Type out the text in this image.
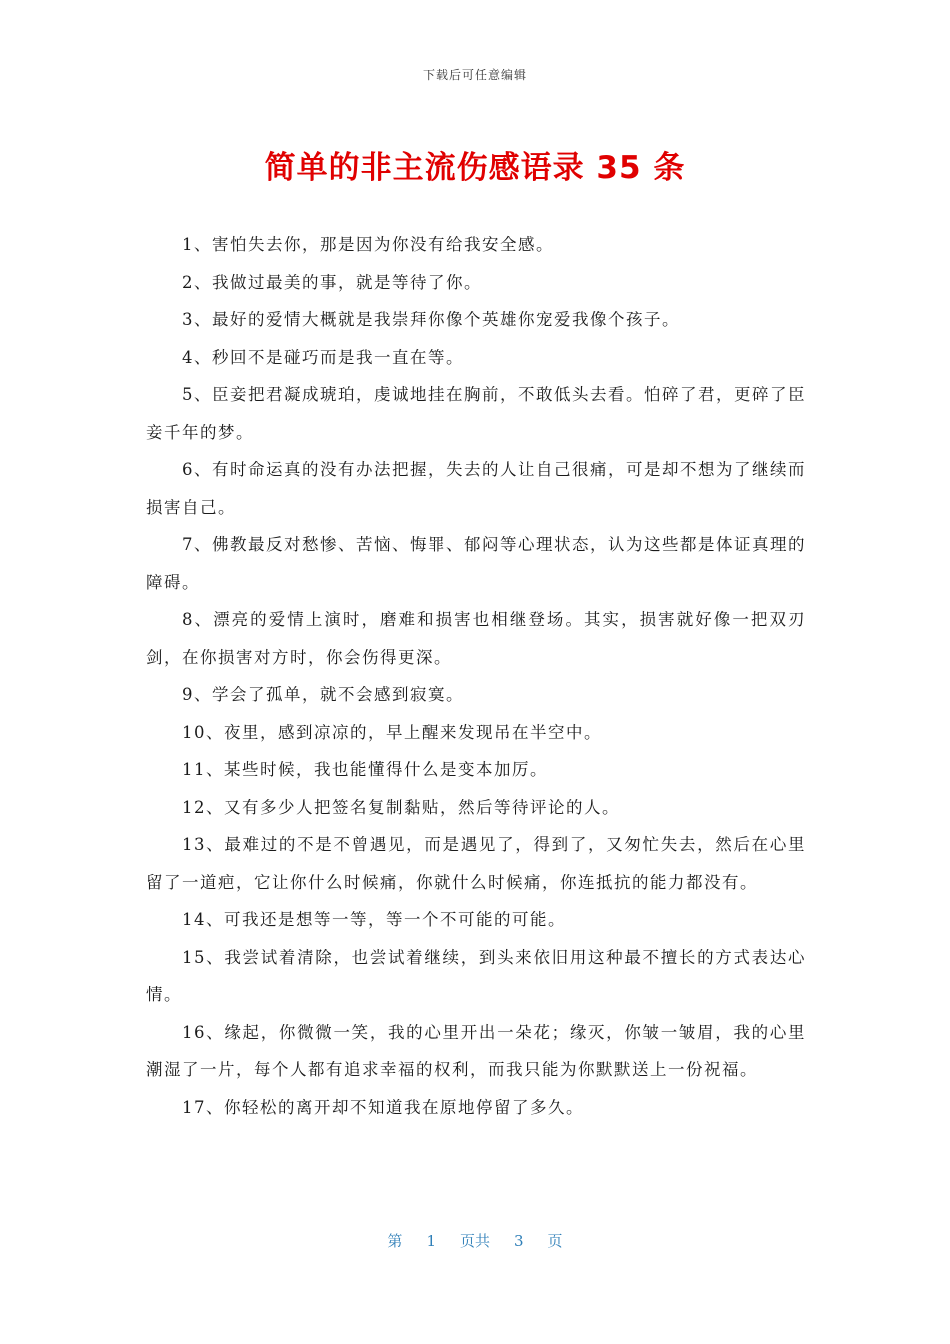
下载后可任意编辑
简单的非主流伤感语录 35 条

1、害怕失去你，那是因为你没有给我安全感。

2、我做过最美的事，就是等待了你。

3、最好的爱情大概就是我崇拜你像个英雄你宠爱我像个孩子。

4、秒回不是碰巧而是我一直在等。

5、臣妾把君凝成琥珀，虔诚地挂在胸前，不敢低头去看。怕碎了君，更碎了臣妾千年的梦。

6、有时命运真的没有办法把握，失去的人让自己很痛，可是却不想为了继续而损害自己。

7、佛教最反对愁惨、苦恼、悔罪、郁闷等心理状态，认为这些都是体证真理的障碍。

8、漂亮的爱情上演时，磨难和损害也相继登场。其实，损害就好像一把双刃剑，在你损害对方时，你会伤得更深。

9、学会了孤单，就不会感到寂寞。

10、夜里，感到凉凉的，早上醒来发现吊在半空中。

11、某些时候，我也能懂得什么是变本加厉。

12、又有多少人把签名复制黏贴，然后等待评论的人。

13、最难过的不是不曾遇见，而是遇见了，得到了，又匆忙失去，然后在心里留了一道疤，它让你什么时候痛，你就什么时候痛，你连抵抗的能力都没有。

14、可我还是想等一等，等一个不可能的可能。

15、我尝试着清除，也尝试着继续，到头来依旧用这种最不擅长的方式表达心情。

16、缘起，你微微一笑，我的心里开出一朵花；缘灭，你皱一皱眉，我的心里潮湿了一片，每个人都有追求幸福的权利，而我只能为你默默送上一份祝福。

17、你轻松的离开却不知道我在原地停留了多久。

第 1 页共 3 页
